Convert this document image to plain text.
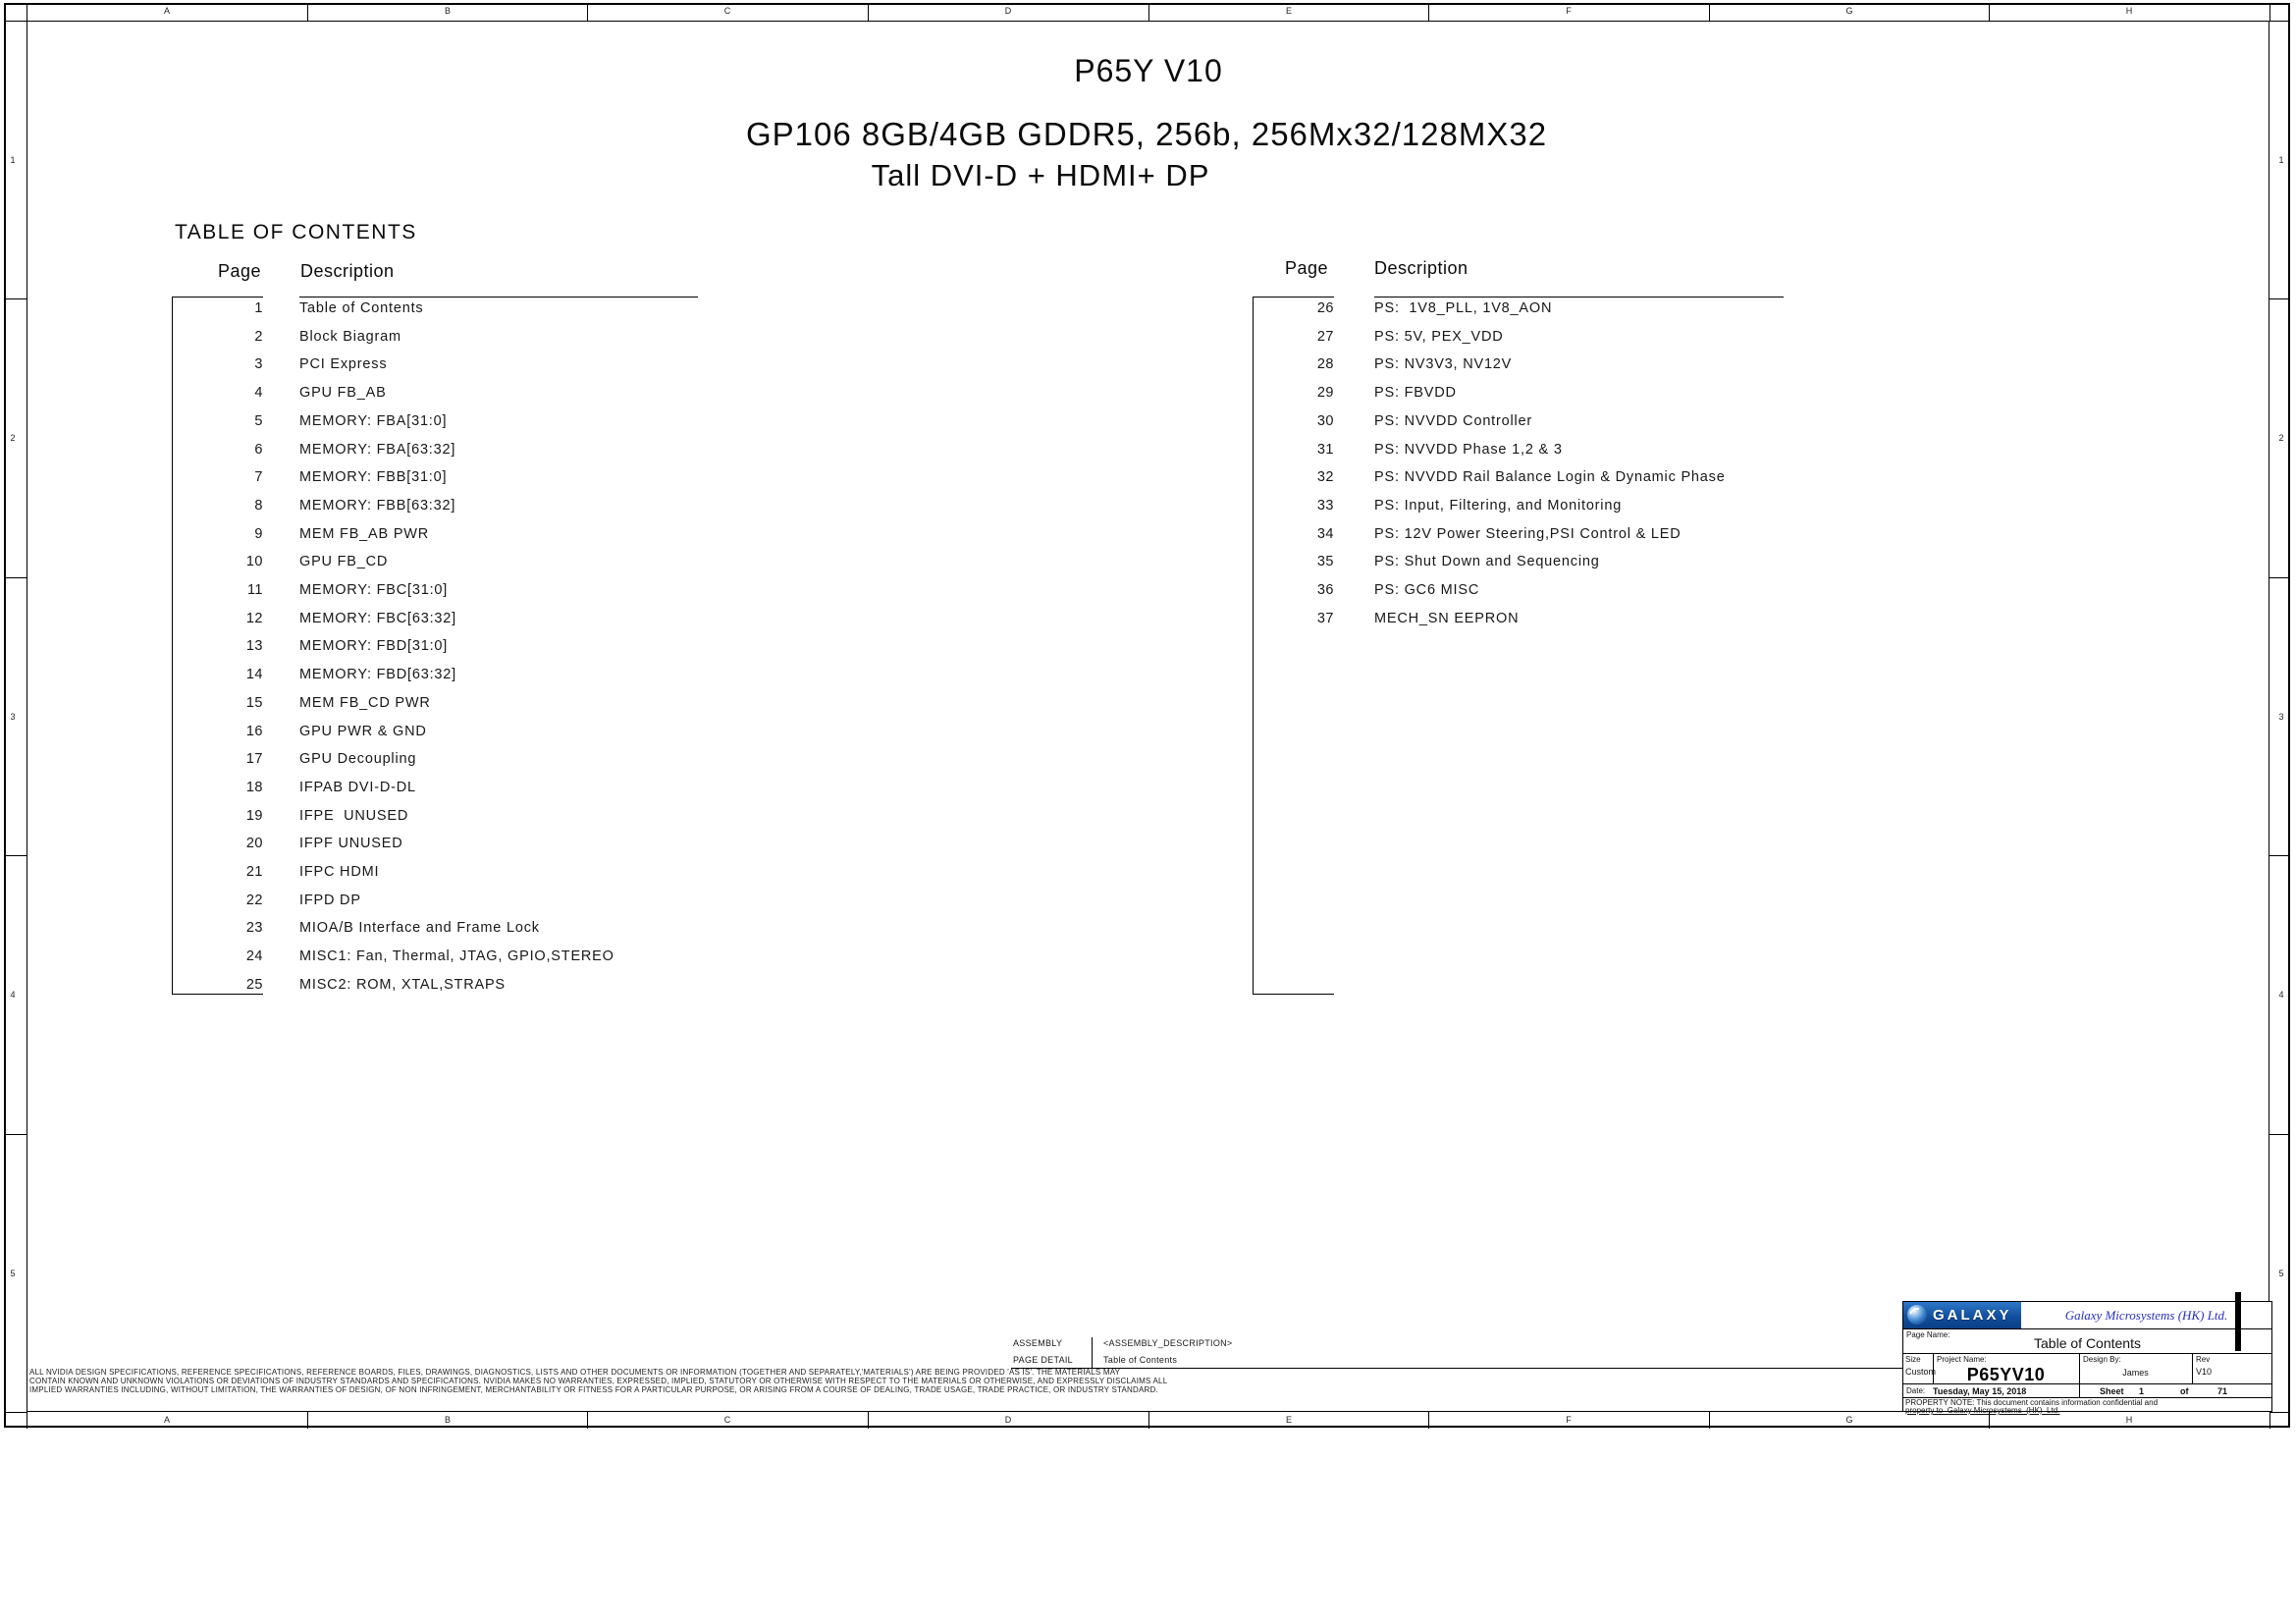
A
A
B
B
C
C
D
D
E
E
F
F
G
G
H
H
1	1
2	2
3	3
4	4
5	5
P65Y V10
GP106 8GB/4GB GDDR5, 256b, 256Mx32/128MX32
Tall DVI-D + HDMI+ DP
TABLE OF CONTENTS
Page Description	Page	Description
1	Table of Contents
2	Block Biagram
3	PCI Express
4	GPU FB_AB
5	MEMORY: FBA[31:0]
6	MEMORY: FBA[63:32]
7	MEMORY: FBB[31:0]
8	MEMORY: FBB[63:32]
9	MEM FB_AB PWR
10	GPU FB_CD
11	MEMORY: FBC[31:0]
12	MEMORY: FBC[63:32]
13	MEMORY: FBD[31:0]
14	MEMORY: FBD[63:32]
15	MEM FB_CD PWR
16	GPU PWR & GND
17	GPU Decoupling
18	IFPAB DVI-D-DL
19	IFPE  UNUSED
20	IFPF UNUSED
21	IFPC HDMI
22	IFPD DP
23	MIOA/B Interface and Frame Lock
24	MISC1: Fan, Thermal, JTAG, GPIO,STEREO
25	MISC2: ROM, XTAL,STRAPS
26	PS:  1V8_PLL, 1V8_AON
27	PS: 5V, PEX_VDD
28	PS: NV3V3, NV12V
29	PS: FBVDD
30	PS: NVVDD Controller
31	PS: NVVDD Phase 1,2 & 3
32	PS: NVVDD Rail Balance Login & Dynamic Phase
33	PS: Input, Filtering, and Monitoring
34	PS: 12V Power Steering,PSI Control & LED
35	PS: Shut Down and Sequencing
36	PS: GC6 MISC
37	MECH_SN EEPRON
ASSEMBLY	<ASSEMBLY_DESCRIPTION>
PAGE DETAIL	Table of Contents
ALL NVIDIA DESIGN SPECIFICATIONS, REFERENCE SPECIFICATIONS, REFERENCE BOARDS, FILES, DRAWINGS, DIAGNOSTICS, LISTS AND OTHER DOCUMENTS OR INFORMATION (TOGETHER AND SEPARATELY,'MATERIALS') ARE BEING PROVIDED 'AS IS'. THE MATERIALS MAY
CONTAIN KNOWN AND UNKNOWN VIOLATIONS OR DEVIATIONS OF INDUSTRY STANDARDS AND SPECIFICATIONS. NVIDIA MAKES NO WARRANTIES, EXPRESSED, IMPLIED, STATUTORY OR OTHERWISE WITH RESPECT TO THE MATERIALS OR OTHERWISE, AND EXPRESSLY DISCLAIMS ALL
IMPLIED WARRANTIES INCLUDING, WITHOUT LIMITATION, THE WARRANTIES OF DESIGN, OF NON INFRINGEMENT, MERCHANTABILITY OR FITNESS FOR A PARTICULAR PURPOSE, OR ARISING FROM A COURSE OF DEALING, TRADE USAGE, TRADE PRACTICE, OR INDUSTRY STANDARD.
GALAXY	Galaxy Microsystems (HK) Ltd.
Page Name:
Table of Contents
Size
Custom
Project Name:
P65YV10
Design By:
James
Rev
V10
Date: Tuesday, May 15, 2018	Sheet 1	of	71
PROPERTY NOTE: This document contains information confidential and
property to  Galaxy Microsystems  (HK)  Ltd.
